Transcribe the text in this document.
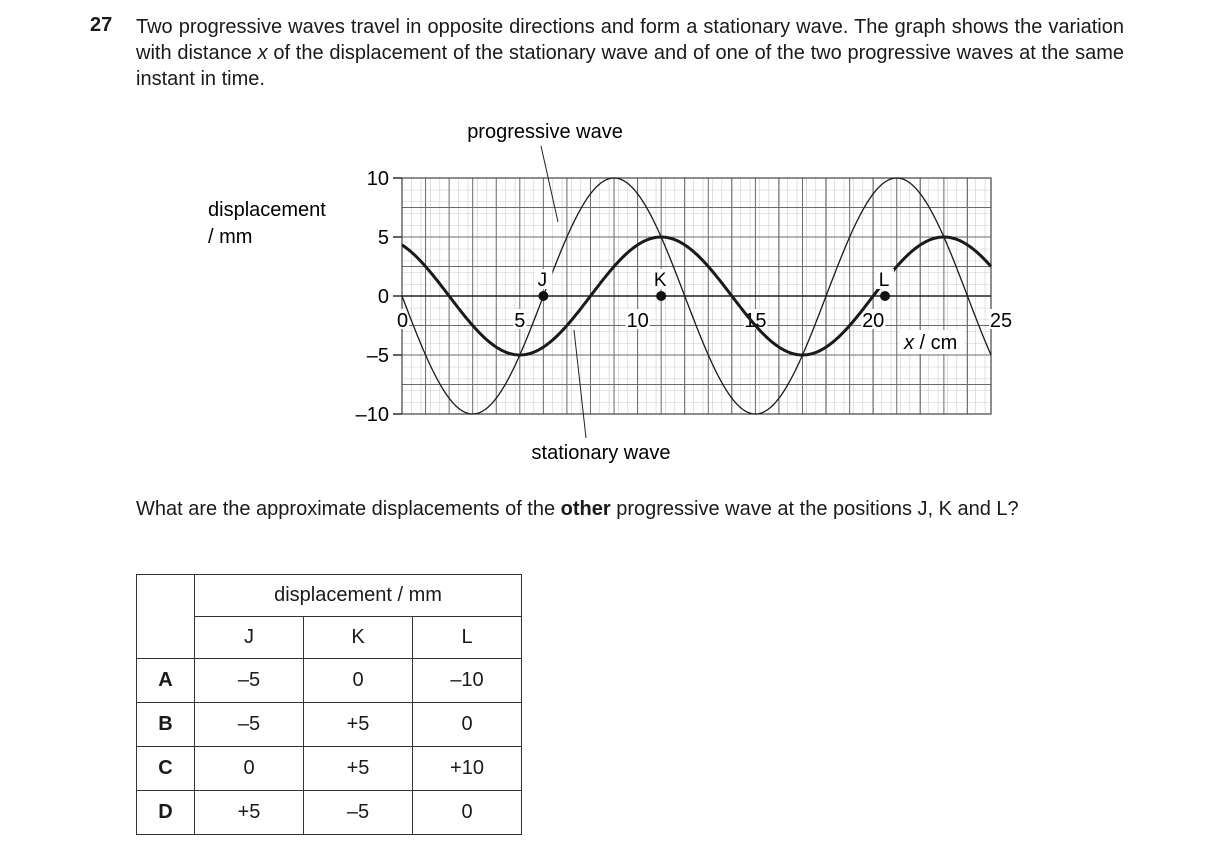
27 Two progressive waves travel in opposite directions and form a stationary wave. The graph shows the variation with distance x of the displacement of the stationary wave and of one of the two progressive waves at the same instant in time.
10
5
0
–5
–10
0	5	10	15	20	25
displacement
/ mm
x / cm
J	K	L
progressive wave
stationary wave
What are the approximate displacements of the other progressive wave at the positions J, K and L?
	displacement / mm		
	J	K	L
A	–5	0	–10
B	–5	+5	0
C	0	+5	+10
D	+5	–5	0
